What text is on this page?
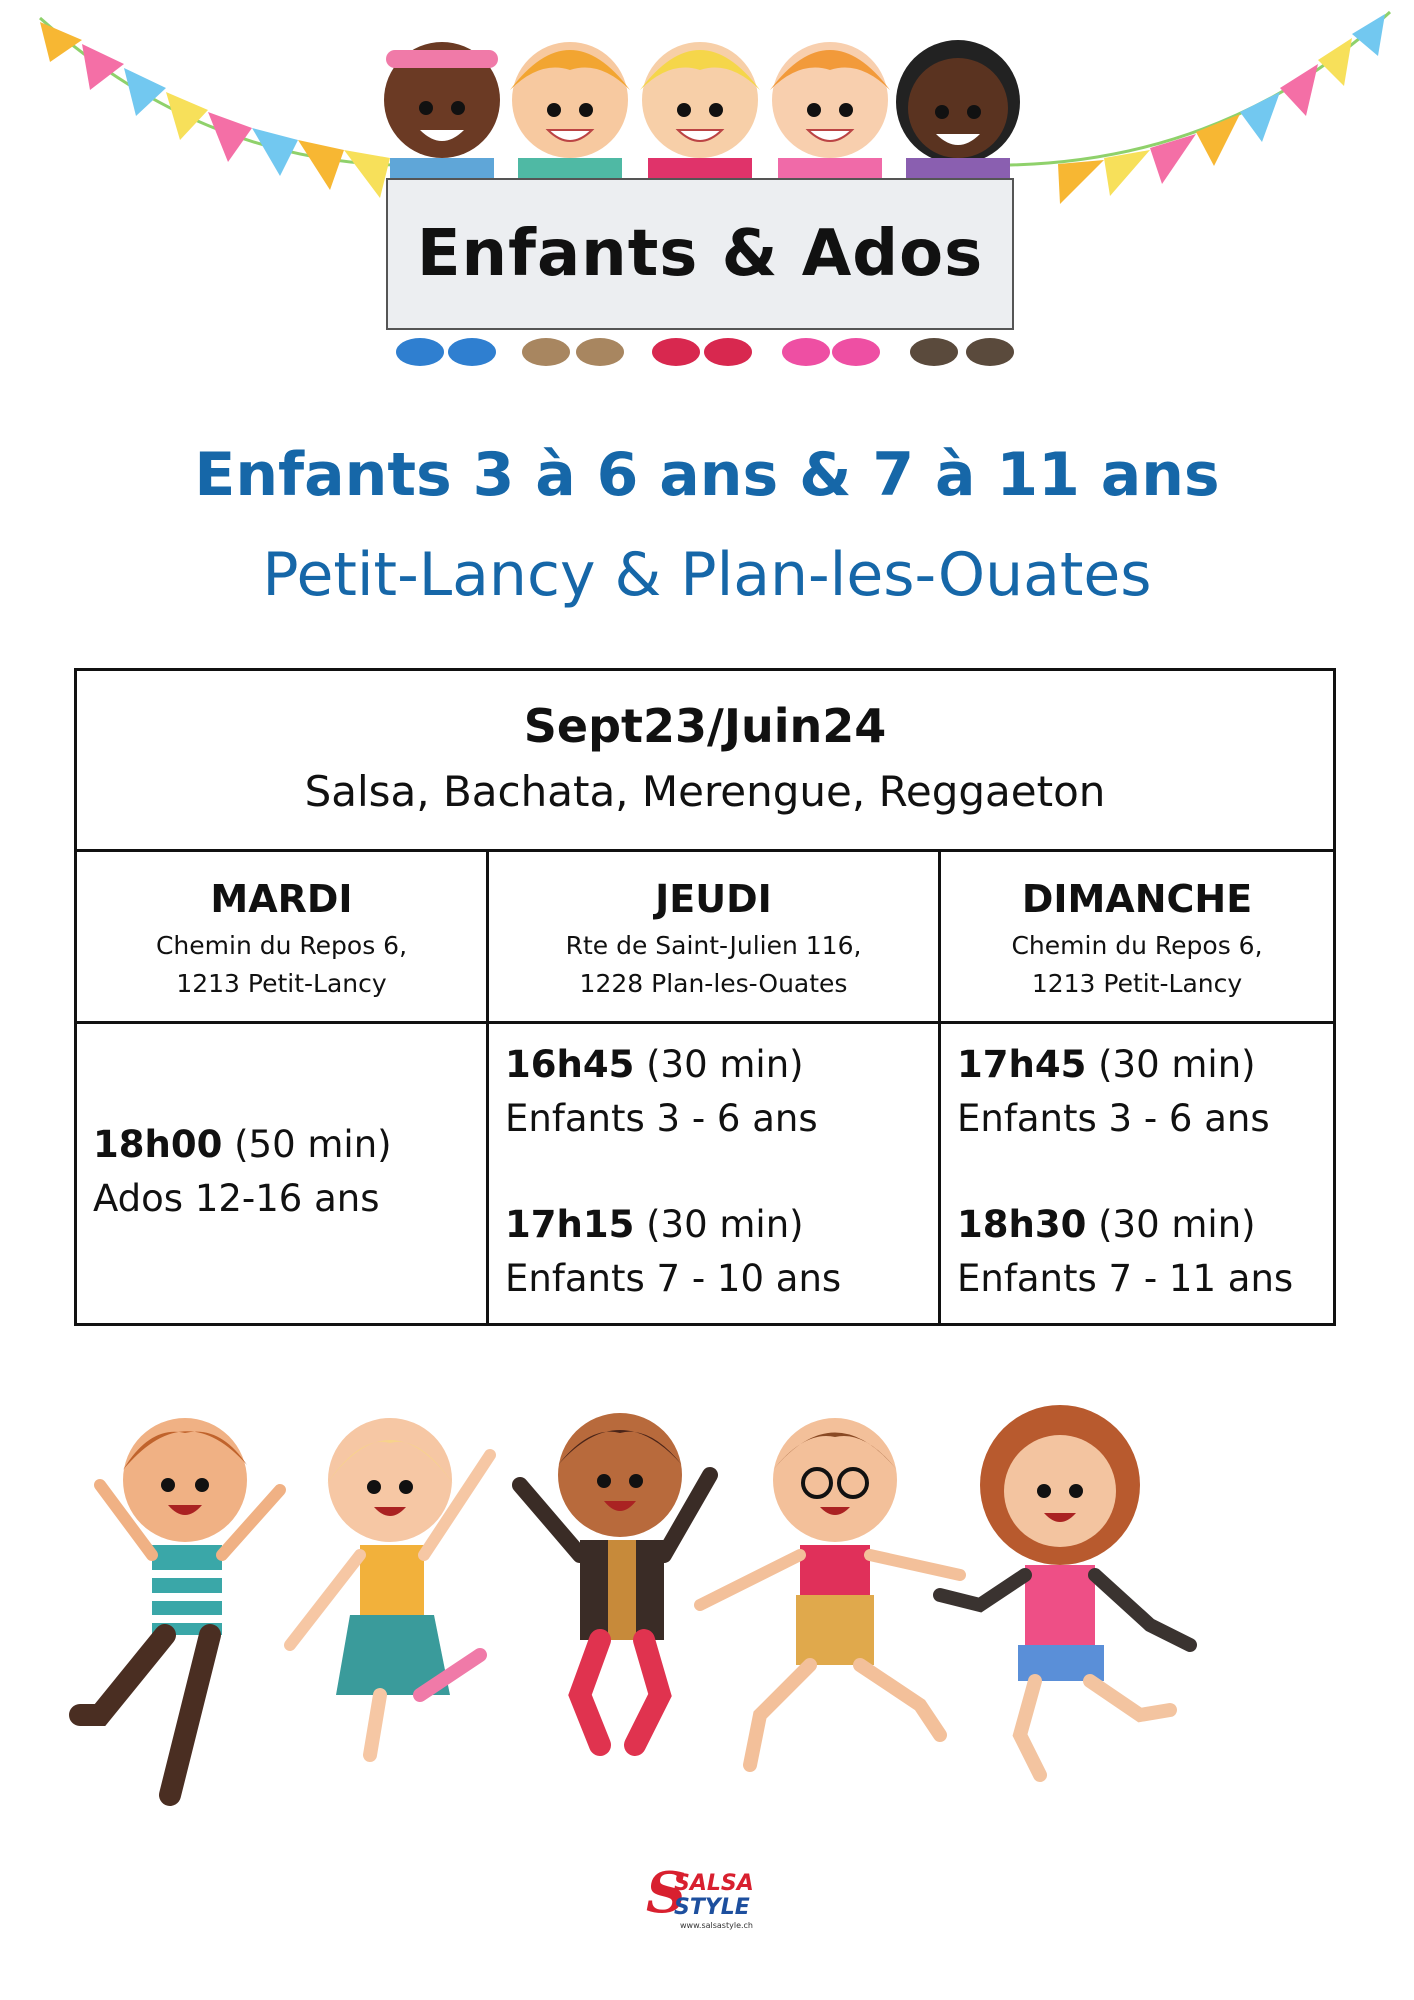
Enfants & Ados
Enfants 3 à 6 ans & 7 à 11 ans
Petit-Lancy & Plan-les-Ouates
Sept23/Juin24
Salsa, Bachata, Merengue, Reggaeton
MARDI
Chemin du Repos 6,
1213 Petit-Lancy
18h00 (50 min)
Ados 12-16 ans
JEUDI
Rte de Saint-Julien 116,
1228 Plan-les-Ouates
16h45 (30 min)
Enfants 3 - 6 ans
17h15 (30 min)
Enfants 7 - 10 ans
DIMANCHE
Chemin du Repos 6,
1213 Petit-Lancy
17h45 (30 min)
Enfants 3 - 6 ans
18h30 (30 min)
Enfants 7 - 11 ans
S
SALSA
STYLE
www.salsastyle.ch
